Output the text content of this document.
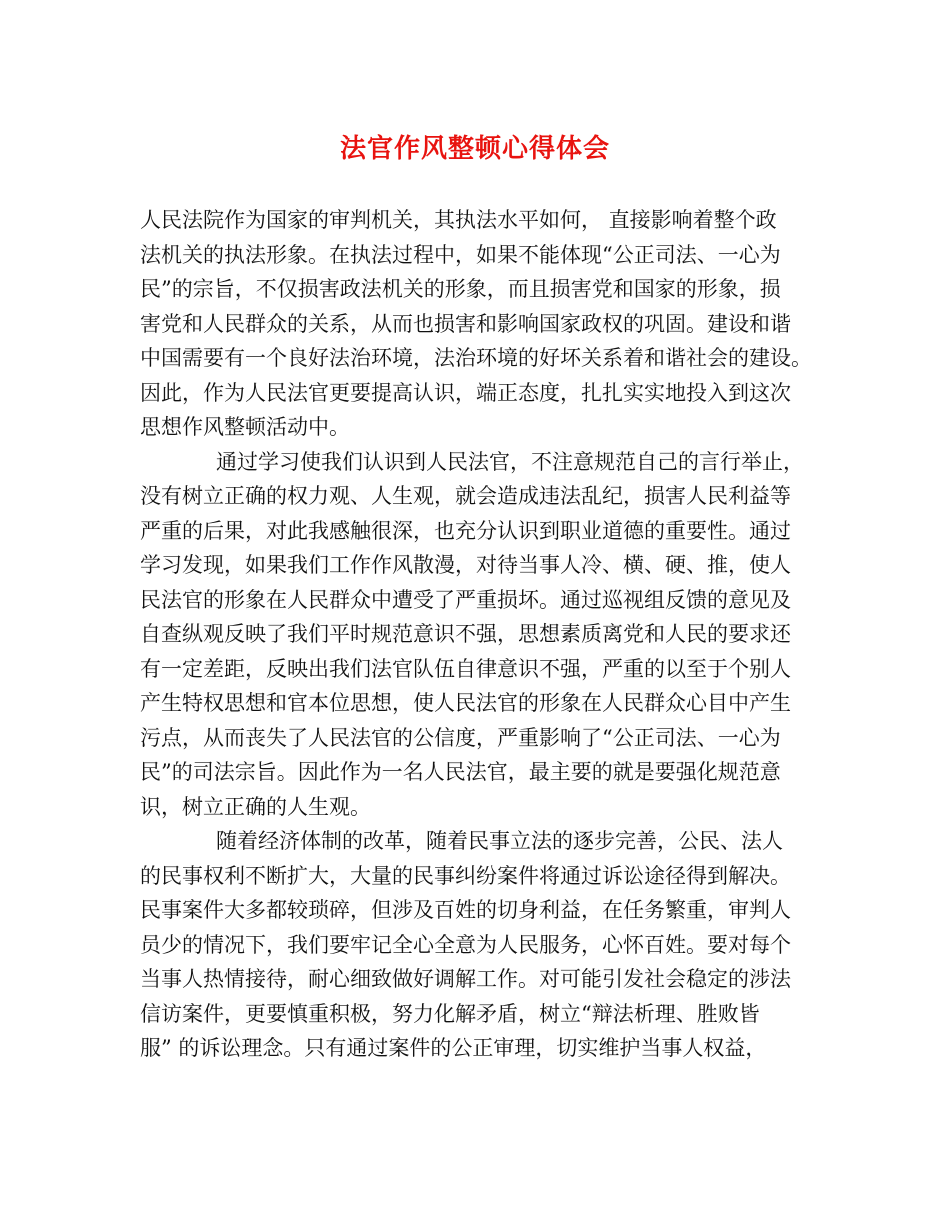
法官作风整顿心得体会
人民法院作为国家的审判机关，其执法水平如何， 直接影响着整个政
法机关的执法形象。在执法过程中，如果不能体现“公正司法、一心为
民”的宗旨，不仅损害政法机关的形象，而且损害党和国家的形象，损
害党和人民群众的关系，从而也损害和影响国家政权的巩固。建设和谐
中国需要有一个良好法治环境，法治环境的好坏关系着和谐社会的建设。
因此，作为人民法官更要提高认识，端正态度，扎扎实实地投入到这次
思想作风整顿活动中。
通过学习使我们认识到人民法官，不注意规范自己的言行举止，
没有树立正确的权力观、人生观，就会造成违法乱纪，损害人民利益等
严重的后果，对此我感触很深，也充分认识到职业道德的重要性。通过
学习发现，如果我们工作作风散漫，对待当事人冷、横、硬、推，使人
民法官的形象在人民群众中遭受了严重损坏。通过巡视组反馈的意见及
自查纵观反映了我们平时规范意识不强，思想素质离党和人民的要求还
有一定差距，反映出我们法官队伍自律意识不强，严重的以至于个别人
产生特权思想和官本位思想，使人民法官的形象在人民群众心目中产生
污点，从而丧失了人民法官的公信度，严重影响了“公正司法、一心为
民”的司法宗旨。因此作为一名人民法官，最主要的就是要强化规范意
识，树立正确的人生观。
随着经济体制的改革，随着民事立法的逐步完善，公民、法人
的民事权利不断扩大，大量的民事纠纷案件将通过诉讼途径得到解决。
民事案件大多都较琐碎，但涉及百姓的切身利益，在任务繁重，审判人
员少的情况下，我们要牢记全心全意为人民服务，心怀百姓。要对每个
当事人热情接待，耐心细致做好调解工作。对可能引发社会稳定的涉法
信访案件，更要慎重积极，努力化解矛盾，树立“辩法析理、胜败皆
服” 的诉讼理念。只有通过案件的公正审理，切实维护当事人权益，
